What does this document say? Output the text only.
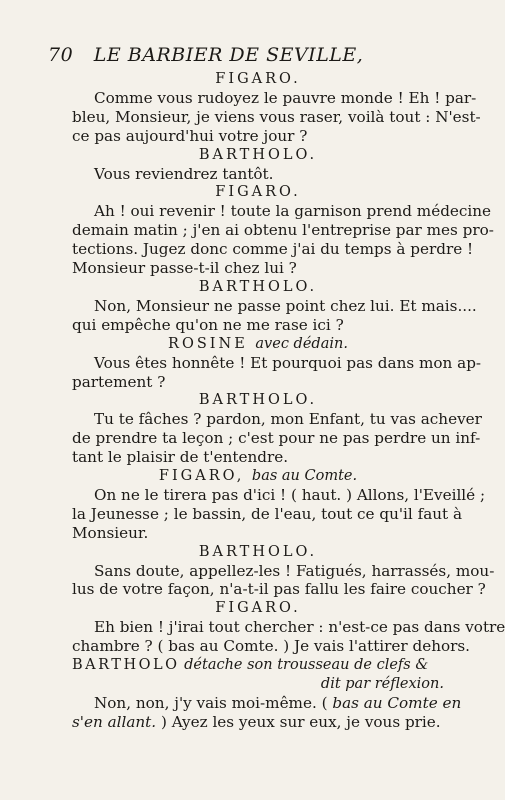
70 LE BARBIER DE SEVILLE,
FIGARO.
Comme vous rudoyez le pauvre monde ! Eh ! par-
bleu, Monsieur, je viens vous raser, voilà tout : N'est-
ce pas aujourd'hui votre jour ?
BARTHOLO.
Vous reviendrez tantôt.
FIGARO.
Ah ! oui revenir ! toute la garnison prend médecine
demain matin ; j'en ai obtenu l'entreprise par mes pro-
tections. Jugez donc comme j'ai du temps à perdre !
Monsieur passe-t-il chez lui ?
BARTHOLO.
Non, Monsieur ne passe point chez lui. Et mais....
qui empêche qu'on ne me rase ici ?
ROSINE avec dédain.
Vous êtes honnête ! Et pourquoi pas dans mon ap-
partement ?
BARTHOLO.
Tu te fâches ? pardon, mon Enfant, tu vas achever
de prendre ta leçon ; c'est pour ne pas perdre un inf-
tant le plaisir de t'entendre.
FIGARO, bas au Comte.
On ne le tirera pas d'ici ! ( haut. ) Allons, l'Eveillé ;
la Jeunesse ; le bassin, de l'eau, tout ce qu'il faut à
Monsieur.
BARTHOLO.
Sans doute, appellez-les ! Fatigués, harrassés, mou-
lus de votre façon, n'a-t-il pas fallu les faire coucher ?
FIGARO.
Eh bien ! j'irai tout chercher : n'est-ce pas dans votre
chambre ? ( bas au Comte. ) Je vais l'attirer dehors.
BARTHOLO détache son trousseau de clefs &
dit par réflexion.
Non, non, j'y vais moi-même. ( bas au Comte en
s'en allant. ) Ayez les yeux sur eux, je vous prie.
